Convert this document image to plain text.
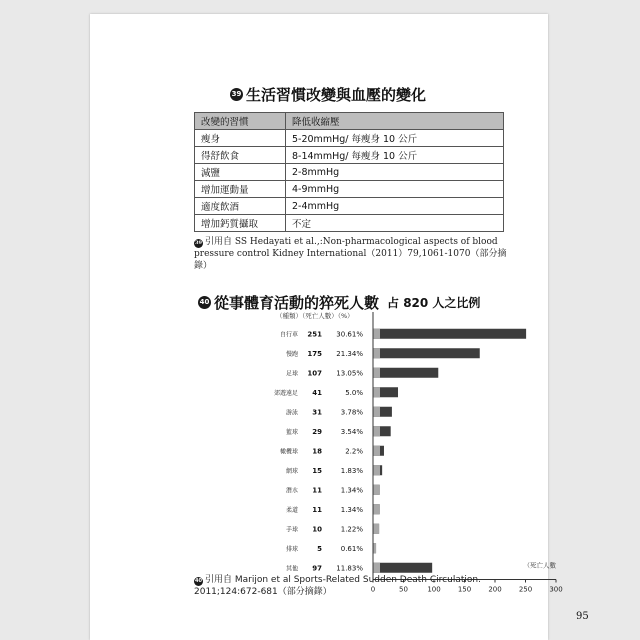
39 生活習慣改變與血壓的變化
改變的習慣	降低收縮壓
瘦身	5-20mmHg/ 每瘦身 10 公斤
得舒飲食	8-14mmHg/ 每瘦身 10 公斤
減鹽	2-8mmHg
增加運動量	4-9mmHg
適度飲酒	2-4mmHg
增加鈣質攝取	不定
39 引用自 SS Hedayati et al.,:Non-pharmacological aspects of blood pressure control Kidney International（2011）79,1061-1070（部分摘錄）
40 從事體育活動的猝死人數 占 820 人之比例
（種類）（死亡人數）（%）
自行車 251 30.61%
慢跑 175 21.34%
足球 107 13.05%
郊遊遠足 41	5.0%
游泳 31	3.78%
籃球 29	3.54%
橄欖球 18	2.2%
網球 15	1.83%
潛水 11	1.34%
柔道 11	1.34%
手球 10	1.22%
排球	5	0.61%
其他 97 11.83%
0	50	100 150 200 250 300
（死亡人數
40 引用自 Marijon et al Sports-Related Sudden Death Circulation. 2011;124:672-681（部分摘錄）
95
